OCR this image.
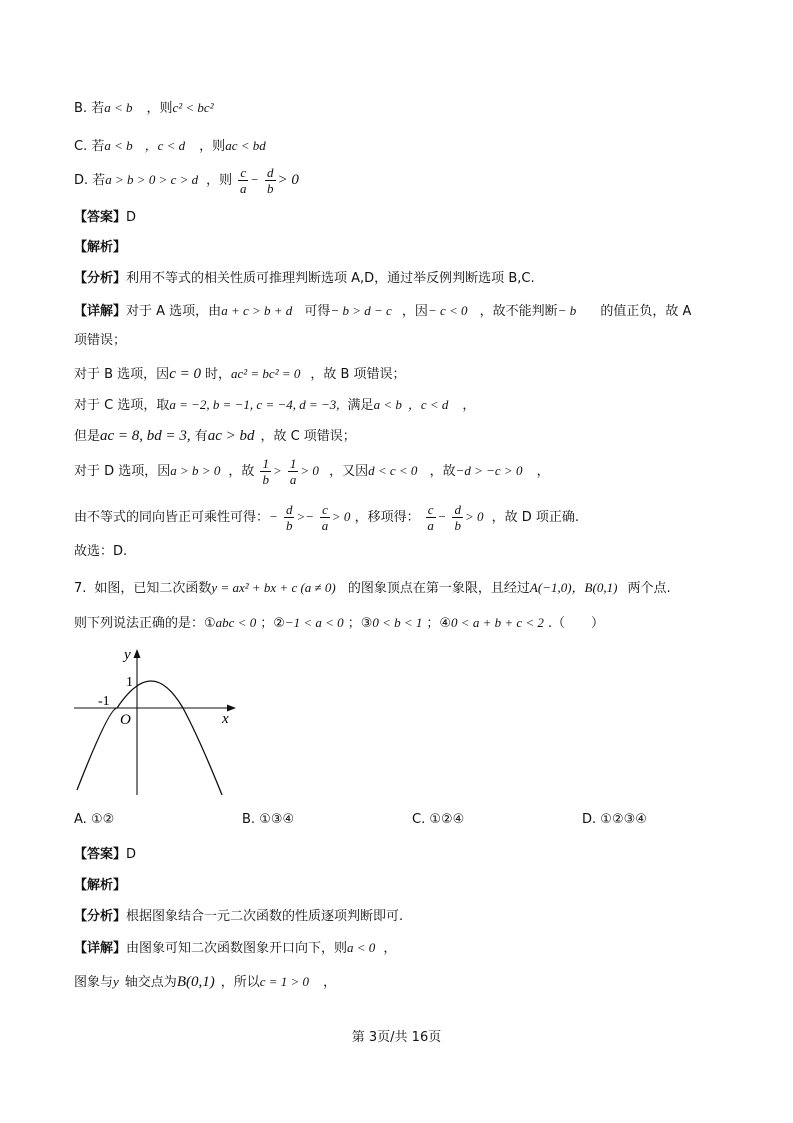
B. 若a < b ，则c² < bc²
C. 若a < b ，c < d ，则ac < bd
D. 若a > b > 0 > c > d ，则 $\frac{c}{a} - \frac{d}{b} > 0$
【答案】D
【解析】
【分析】利用不等式的相关性质可推理判断选项 A,D，通过举反例判断选项 B,C.
【详解】对于 A 选项，由a + c > b + d 可得− b > d − c ，因− c < 0 ，故不能判断− b 的值正负，故 A
项错误；
对于 B 选项，因c = 0 时，ac² = bc² = 0 ，故 B 项错误；
对于 C 选项，取a = −2, b = −1, c = −4, d = −3, 满足a < b ，c < d ，
但是ac = 8, bd = 3, 有ac > bd ，故 C 项错误；
对于 D 选项，因a > b > 0 ，故 $\frac{1}{b} > \frac{1}{a} > 0$ ，又因d < c < 0 ，故−d > −c > 0 ，
由不等式的同向皆正可乘性可得：− $\frac{d}{b} >- \frac{c}{a} > 0$ ，移项得： $\frac{c}{a} - \frac{d}{b} > 0$ ，故 D 项正确.
故选：D.
7. 如图，已知二次函数y = ax² + bx + c (a ≠ 0) 的图象顶点在第一象限，且经过A(−1,0)，B(0,1) 两个点.
则下列说法正确的是：①abc < 0 ；②−1 < a < 0 ；③0 < b < 1 ；④0 < a + b + c < 2 .（　　）
y
x
O
1
-1
A. ①②	B. ①③④	C. ①②④	D. ①②③④
【答案】D
【解析】
【分析】根据图象结合一元二次函数的性质逐项判断即可.
【详解】由图象可知二次函数图象开口向下，则a < 0 ，
图象与y 轴交点为B(0,1) ，所以c = 1 > 0 ，
第 3页/共 16页
